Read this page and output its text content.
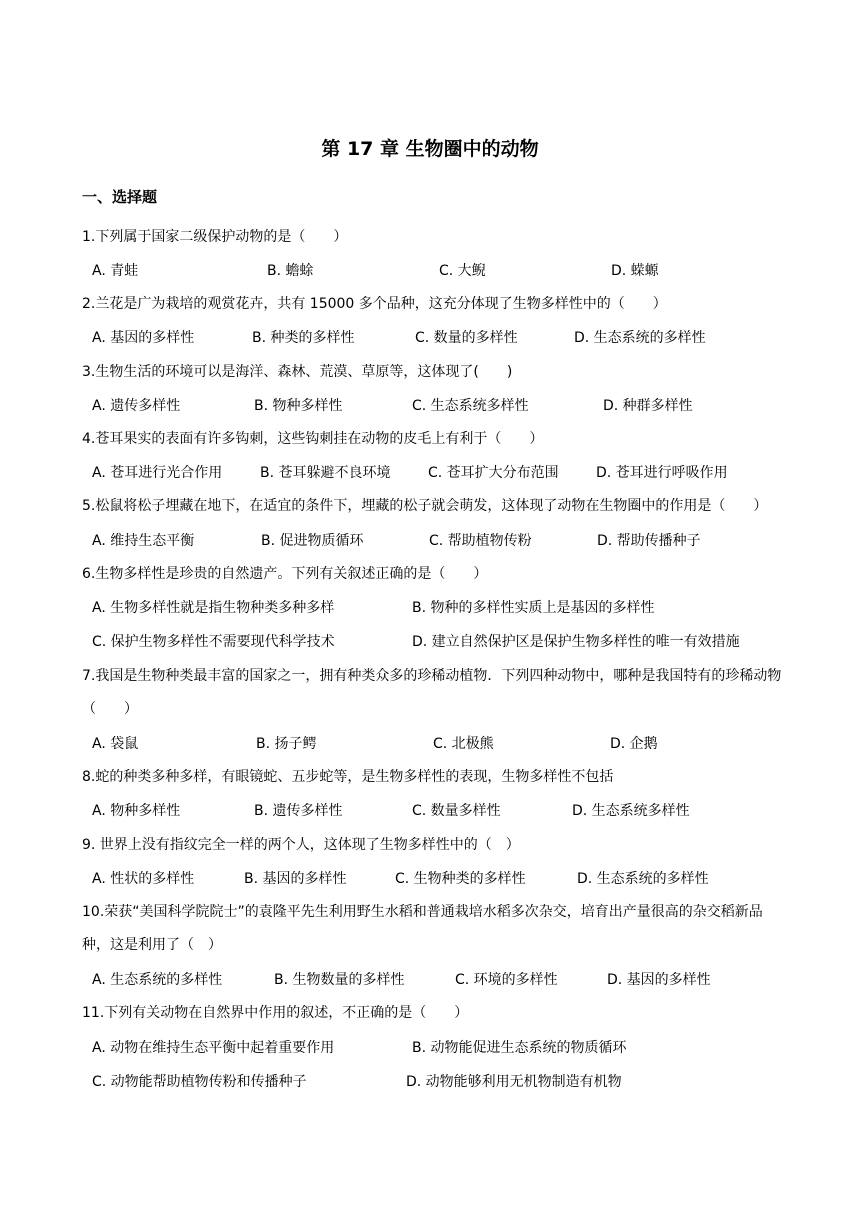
第 17 章 生物圈中的动物
一、选择题
1.下列属于国家二级保护动物的是（　　）
A. 青蛙	B. 蟾蜍	C. 大鲵	D. 蝾螈
2.兰花是广为栽培的观赏花卉，共有 15000 多个品种，这充分体现了生物多样性中的（　　）
A. 基因的多样性	B. 种类的多样性	C. 数量的多样性	D. 生态系统的多样性
3.生物生活的环境可以是海洋、森林、荒漠、草原等，这体现了(　　)
A. 遗传多样性	B. 物种多样性	C. 生态系统多样性	D. 种群多样性
4.苍耳果实的表面有许多钩刺，这些钩刺挂在动物的皮毛上有利于（　　）
A. 苍耳进行光合作用	B. 苍耳躲避不良环境	C. 苍耳扩大分布范围	D. 苍耳进行呼吸作用
5.松鼠将松子埋藏在地下，在适宜的条件下，埋藏的松子就会萌发，这体现了动物在生物圈中的作用是（　　）
A. 维持生态平衡	B. 促进物质循环	C. 帮助植物传粉	D. 帮助传播种子
6.生物多样性是珍贵的自然遗产。下列有关叙述正确的是（　　）
A. 生物多样性就是指生物种类多种多样	B. 物种的多样性实质上是基因的多样性
C. 保护生物多样性不需要现代科学技术	D. 建立自然保护区是保护生物多样性的唯一有效措施
7.我国是生物种类最丰富的国家之一，拥有种类众多的珍稀动植物．下列四种动物中，哪种是我国特有的珍稀动物（　　）
A. 袋鼠	B. 扬子鳄	C. 北极熊	D. 企鹅
8.蛇的种类多种多样，有眼镜蛇、五步蛇等，是生物多样性的表现，生物多样性不包括
A. 物种多样性	B. 遗传多样性	C. 数量多样性	D. 生态系统多样性
9. 世界上没有指纹完全一样的两个人，这体现了生物多样性中的（　）
A. 性状的多样性	B. 基因的多样性	C. 生物种类的多样性	D. 生态系统的多样性
10.荣获“美国科学院院士”的袁隆平先生利用野生水稻和普通栽培水稻多次杂交，培育出产量很高的杂交稻新品种，这是利用了（　）
A. 生态系统的多样性	B. 生物数量的多样性	C. 环境的多样性	D. 基因的多样性
11.下列有关动物在自然界中作用的叙述，不正确的是（　　）
A. 动物在维持生态平衡中起着重要作用	B. 动物能促进生态系统的物质循环
C. 动物能帮助植物传粉和传播种子	D. 动物能够利用无机物制造有机物
